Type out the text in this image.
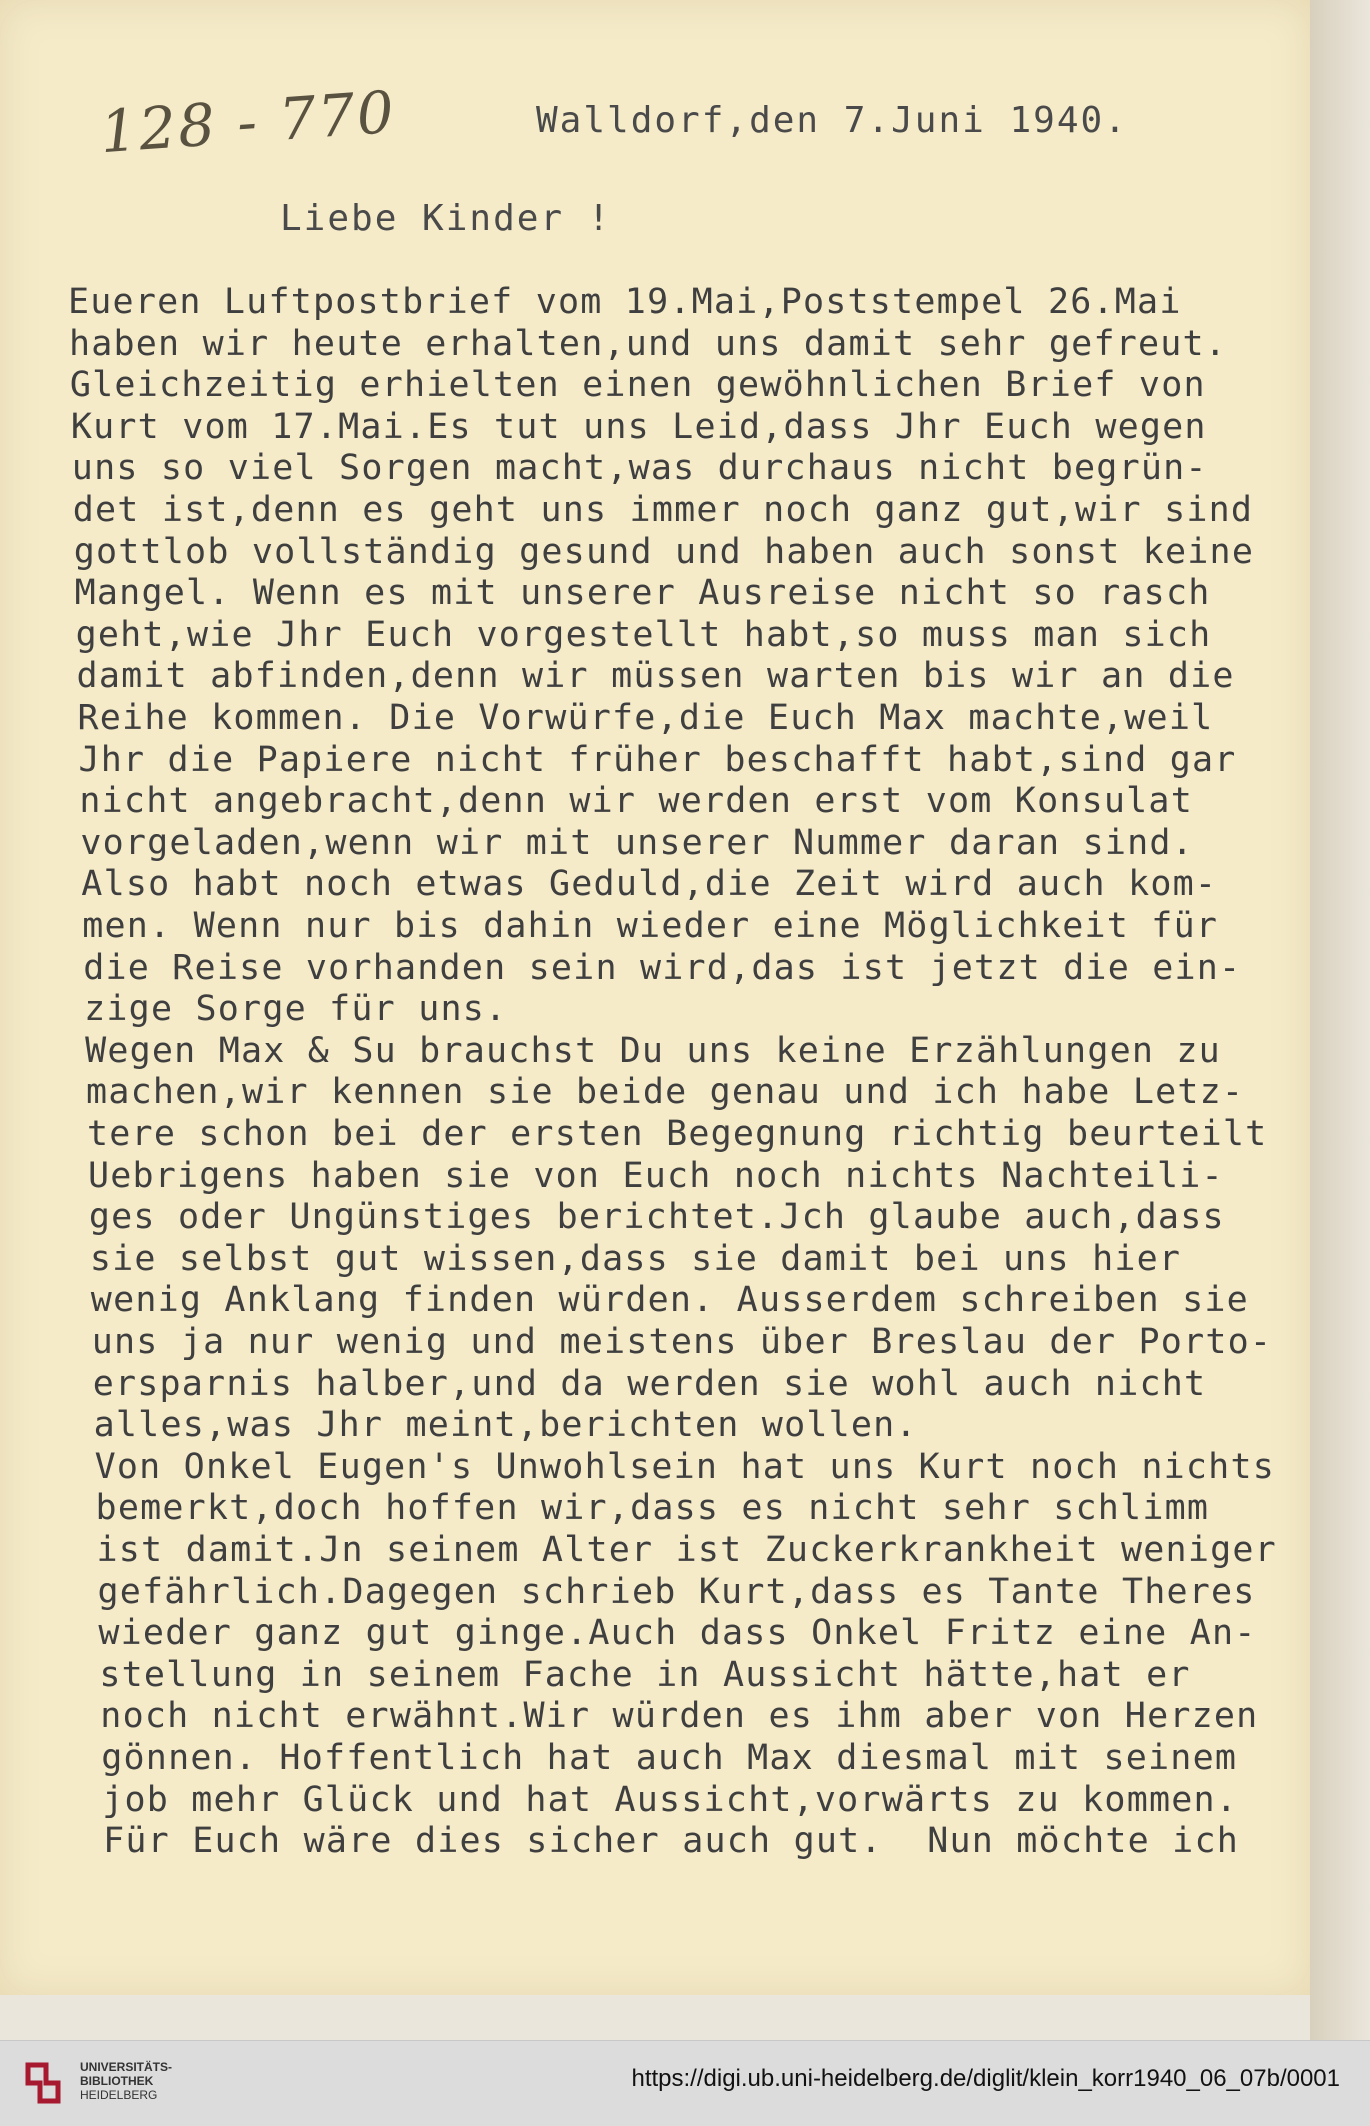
128 - 770	Walldorf,den 7.Juni 1940.
Liebe Kinder !
Eueren Luftpostbrief vom 19.Mai,Poststempel 26.Mai
haben wir heute erhalten,und uns damit sehr gefreut.
Gleichzeitig erhielten einen gewöhnlichen Brief von
Kurt vom 17.Mai.Es tut uns Leid,dass Jhr Euch wegen
uns so viel Sorgen macht,was durchaus nicht begrün-
det ist,denn es geht uns immer noch ganz gut,wir sind
gottlob vollständig gesund und haben auch sonst keine
Mangel. Wenn es mit unserer Ausreise nicht so rasch
geht,wie Jhr Euch vorgestellt habt,so muss man sich
damit abfinden,denn wir müssen warten bis wir an die
Reihe kommen. Die Vorwürfe,die Euch Max machte,weil
Jhr die Papiere nicht früher beschafft habt,sind gar
nicht angebracht,denn wir werden erst vom Konsulat
vorgeladen,wenn wir mit unserer Nummer daran sind.
Also habt noch etwas Geduld,die Zeit wird auch kom-
men. Wenn nur bis dahin wieder eine Möglichkeit für
die Reise vorhanden sein wird,das ist jetzt die ein-
zige Sorge für uns.
Wegen Max & Su brauchst Du uns keine Erzählungen zu
machen,wir kennen sie beide genau und ich habe Letz-
tere schon bei der ersten Begegnung richtig beurteilt
Uebrigens haben sie von Euch noch nichts Nachteili-
ges oder Ungünstiges berichtet.Jch glaube auch,dass
sie selbst gut wissen,dass sie damit bei uns hier
wenig Anklang finden würden. Ausserdem schreiben sie
uns ja nur wenig und meistens über Breslau der Porto-
ersparnis halber,und da werden sie wohl auch nicht
alles,was Jhr meint,berichten wollen.
Von Onkel Eugen's Unwohlsein hat uns Kurt noch nichts
bemerkt,doch hoffen wir,dass es nicht sehr schlimm
ist damit.Jn seinem Alter ist Zuckerkrankheit weniger
gefährlich.Dagegen schrieb Kurt,dass es Tante Theres
wieder ganz gut ginge.Auch dass Onkel Fritz eine An-
stellung in seinem Fache in Aussicht hätte,hat er
noch nicht erwähnt.Wir würden es ihm aber von Herzen
gönnen. Hoffentlich hat auch Max diesmal mit seinem
job mehr Glück und hat Aussicht,vorwärts zu kommen.
Für Euch wäre dies sicher auch gut.  Nun möchte ich
UNIVERSITÄTS-
BIBLIOTHEK
HEIDELBERG
https://digi.ub.uni-heidelberg.de/diglit/klein_korr1940_06_07b/0001
